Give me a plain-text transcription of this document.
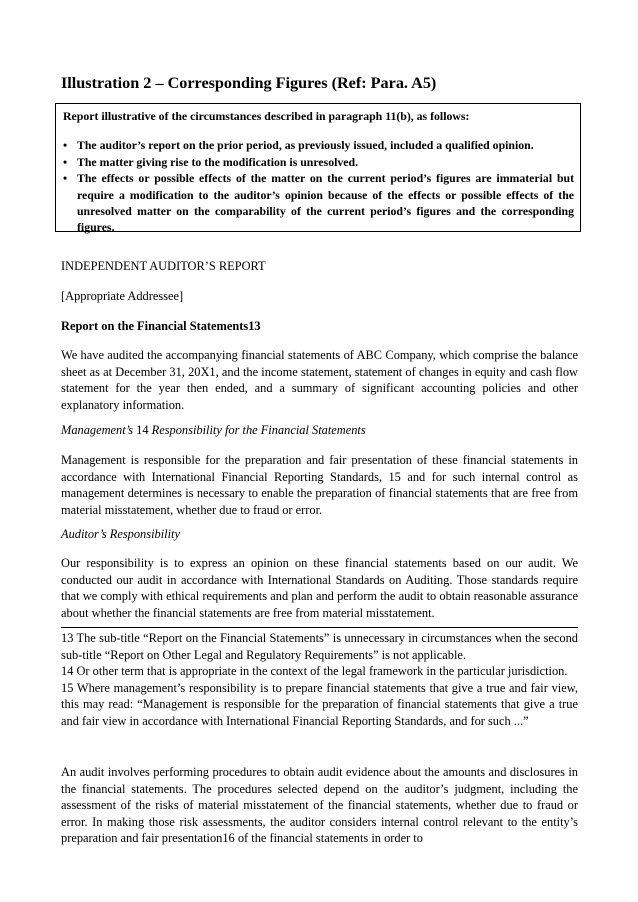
Illustration 2 – Corresponding Figures (Ref: Para. A5)

Report illustrative of the circumstances described in paragraph 11(b), as follows:

• The auditor’s report on the prior period, as previously issued, included a qualified opinion.
• The matter giving rise to the modification is unresolved.
• The effects or possible effects of the matter on the current period’s figures are immaterial but require a modification to the auditor’s opinion because of the effects or possible effects of the unresolved matter on the comparability of the current period’s figures and the corresponding figures.
INDEPENDENT AUDITOR’S REPORT
[Appropriate Addressee]
Report on the Financial Statements13
We have audited the accompanying financial statements of ABC Company, which comprise the balance sheet as at December 31, 20X1, and the income statement, statement of changes in equity and cash flow statement for the year then ended, and a summary of significant accounting policies and other explanatory information.
Management’s 14 Responsibility for the Financial Statements
Management is responsible for the preparation and fair presentation of these financial statements in accordance with International Financial Reporting Standards, 15 and for such internal control as management determines is necessary to enable the preparation of financial statements that are free from material misstatement, whether due to fraud or error.
Auditor’s Responsibility
Our responsibility is to express an opinion on these financial statements based on our audit. We conducted our audit in accordance with International Standards on Auditing. Those standards require that we comply with ethical requirements and plan and perform the audit to obtain reasonable assurance about whether the financial statements are free from material misstatement.

13 The sub-title “Report on the Financial Statements” is unnecessary in circumstances when the second sub-title “Report on Other Legal and Regulatory Requirements” is not applicable.

14 Or other term that is appropriate in the context of the legal framework in the particular jurisdiction.

15 Where management’s responsibility is to prepare financial statements that give a true and fair view, this may read: “Management is responsible for the preparation of financial statements that give a true and fair view in accordance with International Financial Reporting Standards, and for such ...”

An audit involves performing procedures to obtain audit evidence about the amounts and disclosures in the financial statements. The procedures selected depend on the auditor’s judgment, including the assessment of the risks of material misstatement of the financial statements, whether due to fraud or error. In making those risk assessments, the auditor considers internal control relevant to the entity’s preparation and fair presentation16 of the financial statements in order to
